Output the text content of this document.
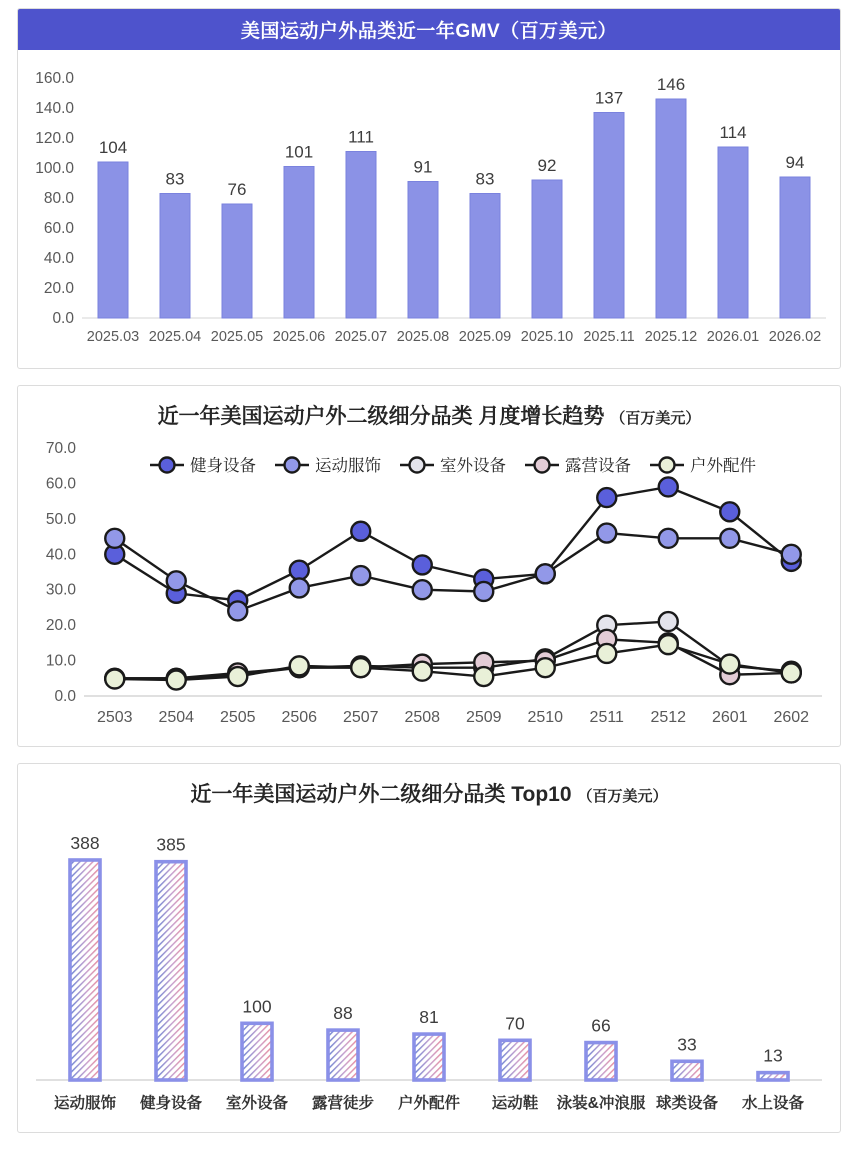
美国运动户外品类近一年GMV（百万美元）
0.0
20.0
40.0
60.0
80.0
100.0
120.0
140.0
160.0
104
2025.03
83
2025.04
76
2025.05
101
2025.06
111
2025.07
91
2025.08
83
2025.09
92
2025.10
137
2025.11
146
2025.12
114
2026.01
94
2026.02
近一年美国运动户外二级细分品类 月度增长趋势 （百万美元）
0.0
10.0
20.0
30.0
40.0
50.0
60.0
70.0
2503 2504 2505 2506 2507 2508 2509 2510 2511 2512 2601 2602
健身设备	运动服饰	室外设备	露营设备	户外配件
近一年美国运动户外二级细分品类 Top10 （百万美元）
388
运动服饰
385
健身设备
100
室外设备
88
露营徒步
81
户外配件
70
运动鞋
66
泳装&冲浪服
33
球类设备
13
水上设备
